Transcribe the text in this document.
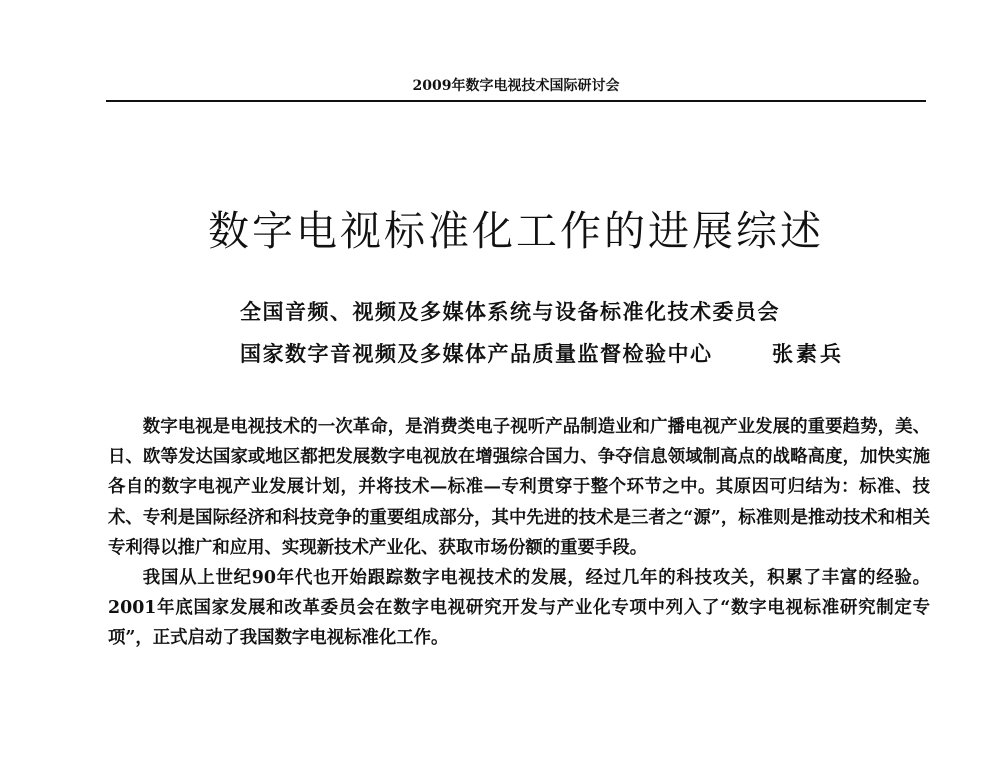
2009年数字电视技术国际研讨会
数字电视标准化工作的进展综述
全国音频、视频及多媒体系统与设备标准化技术委员会
国家数字音视频及多媒体产品质量监督检验中心	张素兵

数字电视是电视技术的一次革命，是消费类电子视听产品制造业和广播电视产业发展的重要趋势，美、日、欧等发达国家或地区都把发展数字电视放在增强综合国力、争夺信息领域制高点的战略高度，加快实施各自的数字电视产业发展计划，并将技术—标准—专利贯穿于整个环节之中。其原因可归结为：标准、技术、专利是国际经济和科技竞争的重要组成部分，其中先进的技术是三者之“源”，标准则是推动技术和相关专利得以推广和应用、实现新技术产业化、获取市场份额的重要手段。

我国从上世纪90年代也开始跟踪数字电视技术的发展，经过几年的科技攻关，积累了丰富的经验。2001年底国家发展和改革委员会在数字电视研究开发与产业化专项中列入了“数字电视标准研究制定专项”，正式启动了我国数字电视标准化工作。
